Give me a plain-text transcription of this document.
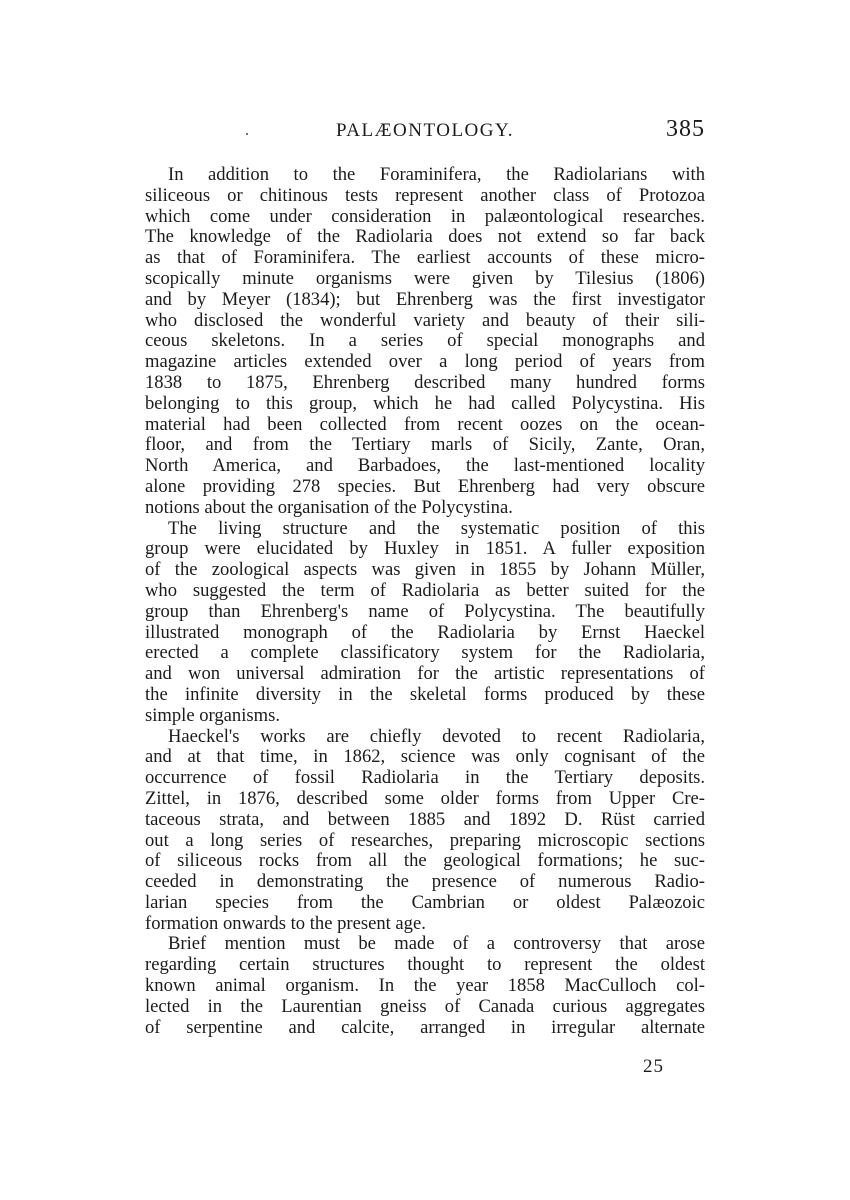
PALÆONTOLOGY.	385

In addition to the Foraminifera, the Radiolarians with
siliceous or chitinous tests represent another class of Protozoa
which come under consideration in palæontological researches.
The knowledge of the Radiolaria does not extend so far back
as that of Foraminifera. The earliest accounts of these micro-
scopically minute organisms were given by Tilesius (1806)
and by Meyer (1834); but Ehrenberg was the first investigator
who disclosed the wonderful variety and beauty of their sili-
ceous skeletons. In a series of special monographs and
magazine articles extended over a long period of years from
1838 to 1875, Ehrenberg described many hundred forms
belonging to this group, which he had called Polycystina. His
material had been collected from recent oozes on the ocean-
floor, and from the Tertiary marls of Sicily, Zante, Oran,
North America, and Barbadoes, the last-mentioned locality
alone providing 278 species. But Ehrenberg had very obscure
notions about the organisation of the Polycystina.

The living structure and the systematic position of this
group were elucidated by Huxley in 1851. A fuller exposition
of the zoological aspects was given in 1855 by Johann Müller,
who suggested the term of Radiolaria as better suited for the
group than Ehrenberg's name of Polycystina. The beautifully
illustrated monograph of the Radiolaria by Ernst Haeckel
erected a complete classificatory system for the Radiolaria,
and won universal admiration for the artistic representations of
the infinite diversity in the skeletal forms produced by these
simple organisms.

Haeckel's works are chiefly devoted to recent Radiolaria,
and at that time, in 1862, science was only cognisant of the
occurrence of fossil Radiolaria in the Tertiary deposits.
Zittel, in 1876, described some older forms from Upper Cre-
taceous strata, and between 1885 and 1892 D. Rüst carried
out a long series of researches, preparing microscopic sections
of siliceous rocks from all the geological formations; he suc-
ceeded in demonstrating the presence of numerous Radio-
larian species from the Cambrian or oldest Palæozoic
formation onwards to the present age.

Brief mention must be made of a controversy that arose
regarding certain structures thought to represent the oldest
known animal organism. In the year 1858 MacCulloch col-
lected in the Laurentian gneiss of Canada curious aggregates
of serpentine and calcite, arranged in irregular alternate

25
